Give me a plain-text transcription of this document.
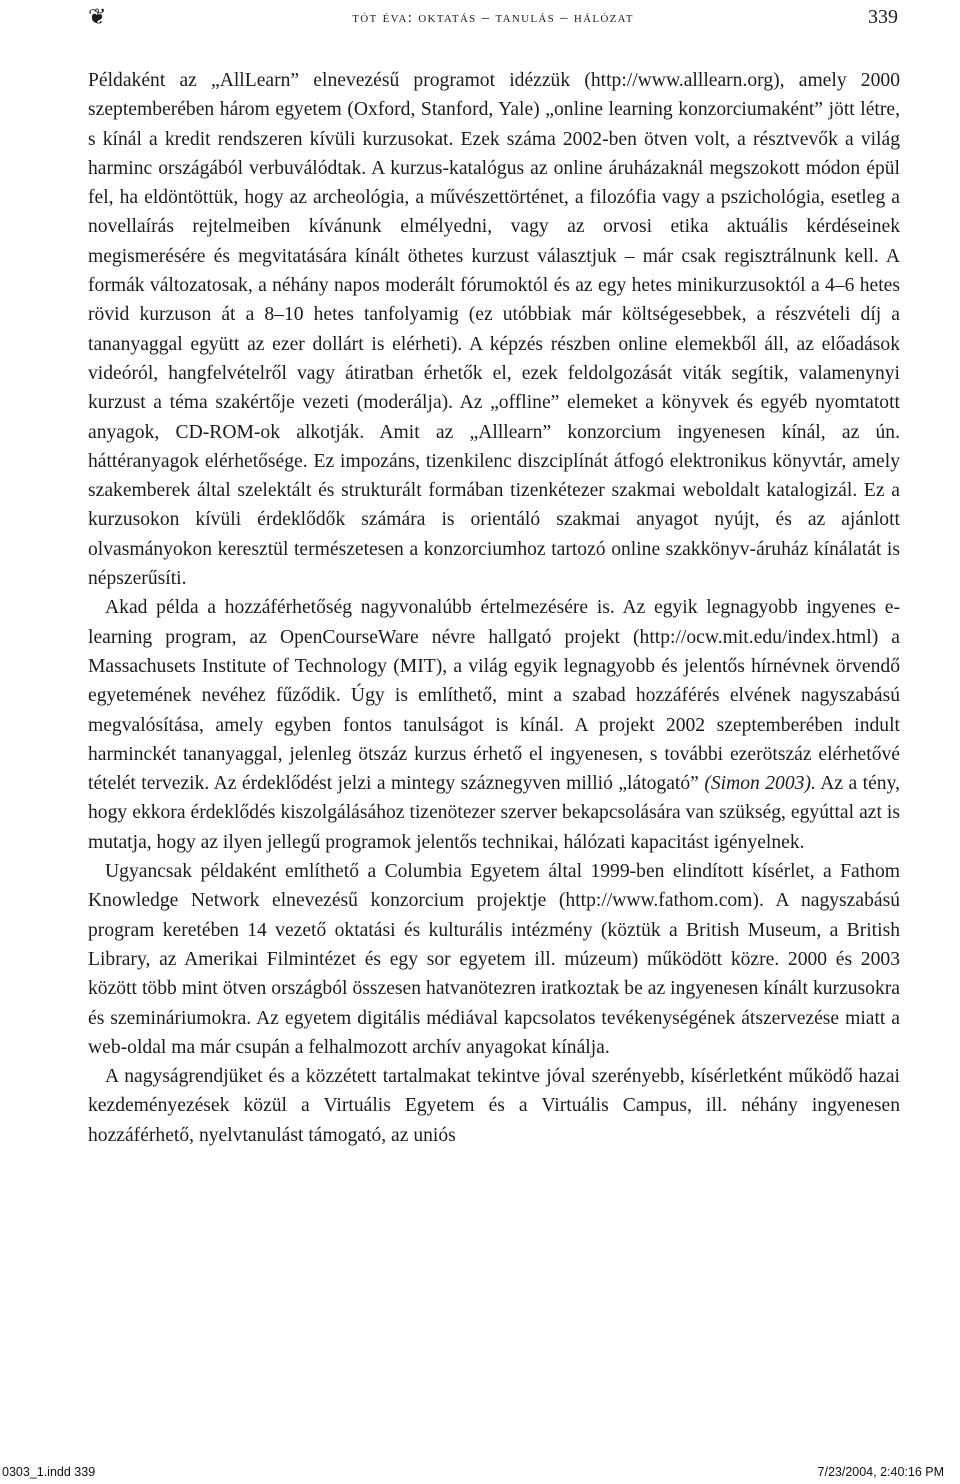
❦	tót éva: oktatás – tanulás – hálózat	339

Példaként az „AllLearn” elnevezésű programot idézzük (http://www.alllearn.org), amely 2000 szeptemberében három egyetem (Oxford, Stanford, Yale) „online learning konzorciumaként” jött létre, s kínál a kredit rendszeren kívüli kurzusokat. Ezek száma 2002-ben ötven volt, a résztvevők a világ harminc országából verbuválódtak. A kurzus-katalógus az online áruházaknál megszokott módon épül fel, ha eldöntöttük, hogy az archeológia, a művészettörténet, a filozófia vagy a pszichológia, esetleg a novellaírás rejtelmeiben kívánunk elmélyedni, vagy az orvosi etika aktuális kérdéseinek megismerésére és megvitatására kínált öthetes kurzust választjuk – már csak regisztrálnunk kell. A formák változatosak, a néhány napos moderált fórumoktól és az egy hetes minikurzusoktól a 4–6 hetes rövid kurzuson át a 8–10 hetes tanfolyamig (ez utóbbiak már költségesebbek, a részvételi díj a tananyaggal együtt az ezer dollárt is elérheti). A képzés részben online elemekből áll, az előadások videóról, hangfelvételről vagy átiratban érhetők el, ezek feldolgozását viták segítik, valamenynyi kurzust a téma szakértője vezeti (moderálja). Az „offline” elemeket a könyvek és egyéb nyomtatott anyagok, CD-ROM-ok alkotják. Amit az „Alllearn” konzorcium ingyenesen kínál, az ún. háttéranyagok elérhetősége. Ez impozáns, tizenkilenc diszciplínát átfogó elektronikus könyvtár, amely szakemberek által szelektált és strukturált formában tizenkétezer szakmai weboldalt katalogizál. Ez a kurzusokon kívüli érdeklődők számára is orientáló szakmai anyagot nyújt, és az ajánlott olvasmányokon keresztül természetesen a konzorciumhoz tartozó online szakkönyv-áruház kínálatát is népszerűsíti.

Akad példa a hozzáférhetőség nagyvonalúbb értelmezésére is. Az egyik legnagyobb ingyenes e-learning program, az OpenCourseWare névre hallgató projekt (http://ocw.mit.edu/index.html) a Massachusets Institute of Technology (MIT), a világ egyik legnagyobb és jelentős hírnévnek örvendő egyetemének nevéhez fűződik. Úgy is említhető, mint a szabad hozzáférés elvének nagyszabású megvalósítása, amely egyben fontos tanulságot is kínál. A projekt 2002 szeptemberében indult harminckét tananyaggal, jelenleg ötszáz kurzus érhető el ingyenesen, s további ezerötszáz elérhetővé tételét tervezik. Az érdeklődést jelzi a mintegy száznegyven millió „látogató” (Simon 2003). Az a tény, hogy ekkora érdeklődés kiszolgálásához tizenötezer szerver bekapcsolására van szükség, egyúttal azt is mutatja, hogy az ilyen jellegű programok jelentős technikai, hálózati kapacitást igényelnek.

Ugyancsak példaként említhető a Columbia Egyetem által 1999-ben elindított kísérlet, a Fathom Knowledge Network elnevezésű konzorcium projektje (http://www.fathom.com). A nagyszabású program keretében 14 vezető oktatási és kulturális intézmény (köztük a British Museum, a British Library, az Amerikai Filmintézet és egy sor egyetem ill. múzeum) működött közre. 2000 és 2003 között több mint ötven országból összesen hatvanötezren iratkoztak be az ingyenesen kínált kurzusokra és szemináriumokra. Az egyetem digitális médiával kapcsolatos tevékenységének átszervezése miatt a web-oldal ma már csupán a felhalmozott archív anyagokat kínálja.

A nagyságrendjüket és a közzétett tartalmakat tekintve jóval szerényebb, kísérletként működő hazai kezdeményezések közül a Virtuális Egyetem és a Virtuális Campus, ill. néhány ingyenesen hozzáférhető, nyelvtanulást támogató, az uniós

0303_1.indd 339	7/23/2004, 2:40:16 PM
